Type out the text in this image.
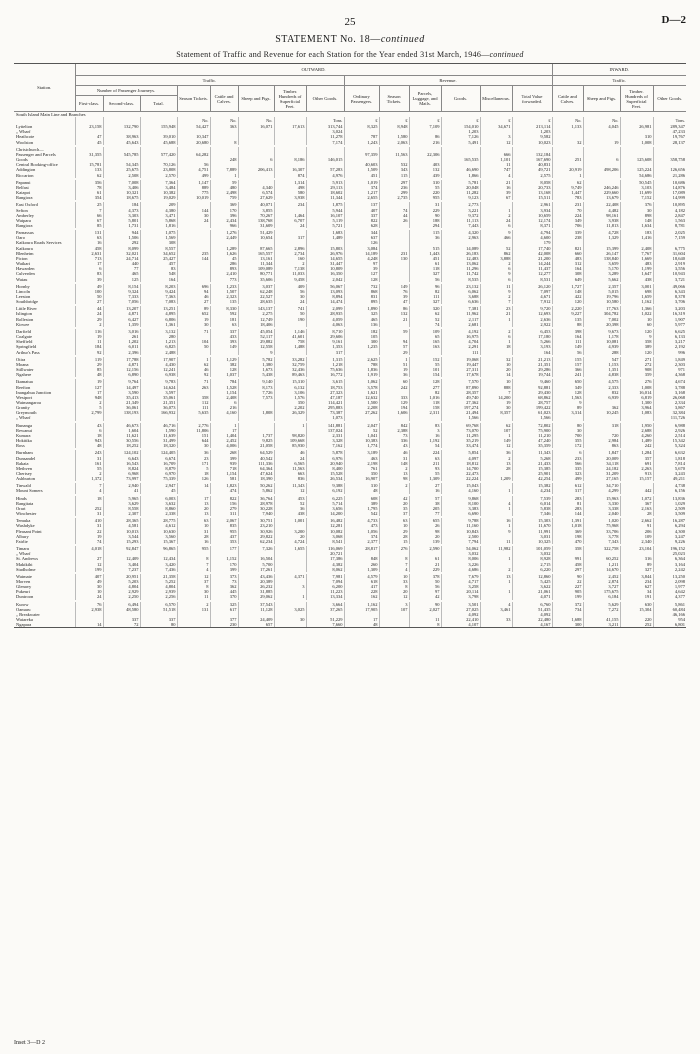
25	D—2
STATEMENT No. 18—continued
Statement of Traffic and Revenue for each Station for the Year ended 31st March, 1946—continued
Station.	OUTWARD.														INWARD.			
	Traffic.								Revenue.						Traffic.			
	Number of Passenger Journeys.			Season Tickets.	Cattle and Calves.	Sheep and Pigs.	Timber. Hundreds of Superficial Feet.	Other Goods.	Ordinary Passengers.	Season Tickets.	Parcels, Luggage, and Mails.	Goods.	Miscellaneous.	Total Value forwarded.	Cattle and Calves.	Sheep and Pigs.	Timber. Hundreds of Superficial Feet.	Other Goods.
	First-class.	Second-class.	Total.															
South Island Main Line and Branches																		
				No.	No.	No.		Tons.	£	£	£	£	£	£	No.	No.		Tons.
Lyttelton	23,158	132,790	155,948	54,427	363	16,071	17,613	313,744	8,325	8,948	7,109	154,010	34,671	213,114	1,133	4,045	26,981	289,347
„ Wharf								3,024				1,203		1,203				47,233
Heathcote	47	38,963	39,010	10,347				11,278	787	1,580	86	7,126	3	9,582			310	19,767
Woolston	45	45,643	45,688	20,680	8			7,174	1,243	2,063	216	5,491	12	10,023	32	19	1,008	28,137

Christchurch—																		
Passenger and Parcels	31,355	545,785	577,420	64,282					97,359	11,563	22,306		666	132,184				
Goods					248	6	8,186	146,015				165,535	1,101	167,690	251	6	125,608	358,758
Central Booking-office	15,781	54,345	70,126	56					40,603	532	403		11	40,831				
Addington	133	25,675	23,808	4,751	7,889	206,413	16,307	57,283	1,509	343	132	46,690	747	49,721	20,919	498,206	125,224	126,656
Riccarton	62	2,508	2,570	499	1		874	4,976	451	115	439	1,866	4	2,575	1		54,686	21,286

Papanui	356	7,008	7,364	1,147	59		1,314	5,913	1,019	297	310	5,781	21	8,058	62		50,545	10,686
Belfast	78	3,406	3,484	889	480	4,340	498	29,113	374	236	55	20,048	16	20,733	9,749	246,246	3,103	14,876
Kaiapoi	61	10,321	10,382	775	2,498	6,574	580	18,602	1,217	299	220	11,282	39	13,168	1,447	229,660	11,699	17,089
Rangiora	354	18,675	19,029	10,019	759	27,629	3,938	11,344	2,655	2,735	955	9,123	67	15,511	783	13,679	7,152	14,999

East Oxford	25	184	209		369	40,071	234	1,875	137		31	2,773		2,961	231	22,408	376	10,895
Sefton	7	4,373	4,380	144	170	3,855		5,944	407	74	229	3,221	1	3,934	70	4,482	30	4,182
Amberley	66	3,303	3,471	30	396	70,267	1,464	16,107	337	44	90	9,372	2	10,659	224	98,161	898	2,847
Waipara	67	5,801	5,868	24	2,434	138,768	6,707	5,119	822	26	188	11,113	24	12,174	349	3,938	148	1,563
Rangiora	85	1,731	1,816		966	31,609	24	5,721	628		294	7,443	6	8,371	706	11,813	1,634	8,781

Parnassus	131	944	1,075		1,276	51,429		1,683	344		115	4,320	9	4,794	339	4,728	183	2,025
Oaro	63	1,506	1,569		2,449	10,654	317	1,489	637		36	2,963	466	4,600	238	1,329	1,416	7,159
Kaikoura Roads Services	16	292	308						126					179				
Kaikoura	458	8,099	8,557		1,289	87,665	2,896	15,803	3,084		515	14,089	52	17,740	821	15,399	2,408	6,775
Blenheim	2,631	32,021	34,652	235	1,626	165,557	2,734	26,976	14,189	231	1,443	26,183	862	42,008	660	26,147	7,767	31,604
Picton	713	24,714	25,427	144	45	13,161	160	14,655	4,248	130	451	12,483	3,888	21,200	483	138,840	1,669	18,640
Waikari	17	440	457		286	11,344	2	31,447	97		61	13,062	2	14,244	312	3,659	483	2,919
Hawarden	6	77	83		893	109,089	7,138	10,809	39		118	11,296	6	11,437	164	5,170	1,199	3,556
Culverden	83	465	548		2,410	80,771	11,033	16,350	127		327	11,742	9	12,277	308	3,289	1,647	10,943
Waiau	39	125	164		773	35,606	9,458	2,042	128		56	8,535	6	8,531	649	5,662	438	3,721

Hornby	49	8,154	8,203	696	1,233	3,037	409	56,067	732	149	96	23,132	11	26,120	1,727	2,357	3,001	49,066
Lincoln	100	9,324	9,424	94	1,507	62,248	56	13,093	868	76	82	6,062	9	7,097	148	5,015	698	6,343
Leeston	50	7,333	7,363	46	2,323	22,527	30	8,894	831	39	111	3,688	2	4,671	422	19,796	1,659	8,378
Southbridge	27	7,056	7,083	27	135	28,635	24	14,474	895	47	327	6,636	7	7,912	120	10,580	1,162	3,706

Little River	44	13,207	13,251	89	8,330	143,137	741	2,099	1,890	86	320	7,381	23	9,720	2,220	17,763	1,366	3,203
Islington	24	4,871	4,895	652	592	2,275	50	28,935	325	132	62	11,962	21	12,693	9,227	304,782	1,022	16,319
Rolleston	29	6,427	6,806	19	181	12,749	190	4,059	465	21	52	2,117	1	2,636	135	7,002	10	1,907
Kirwee	2	1,359	1,361	30	63	18,406		4,063	136		74	2,681		2,922	88	20,398	60	5,977

Darfield	116	3,016	3,132	71	337	45,054	1,146	8,710	182	59	109	4,192	2	6,453	398	9,673	120	6,625
Coalgate	19	261	280		433	52,117	41,601	29,606	105		65	16,975	6	17,180	164	1,178	9	6,133
Sheffield	11	1,202	1,213	104	393	29,882	758	9,161	300	94	165	4,704	1	5,266	111	10,081	358	3,217
Springfield	184	6,011	6,825	50	149	12,558	1,488	1,353	1,235	57	163	2,291	18	3,193	149	4,939	389	2,192
Arthur's Pass	92	2,396	2,488			9		317		29		111		164	56	288	120	996

Otira	119	17,788	17,907	1	1,129	5,782	33,282	1,315	2,625	1	152	19,068	32	21,213	155	547	271	1,849
Moana	29	4,871	4,430	62	382	1,380	32,759	1,218	788	51	55	19,447	10	21,351	157	1,153	272	2,303
Stillwater	85	12,156	12,241	46	128	1,673	32,436	75,636	1,836	19	101	27,311	20	29,286	366	1,351	908	971
Ngahere	48	6,890	6,938	92	1,037	5,438	89,463	16,772	1,919	36	154	17,678	14	19,744	241	4,838	359	4,368

Ikamatua	19	9,764	9,783	71	784	9,140	15,310	3,615	1,062	60	128	7,570	10	9,460	650	4,575	276	4,674
Reefton	127	14,497	14,624	263	1,528	8,173	6,132	18,753	3,578	242	277	87,890	888	92,881	349	2,333	1,008	3,788
Inangahua Junction	17	3,590	3,597		1,154	7,726	3,106	27,323	1,621		82	28,357	7	29,430	128	832	16,014	3,168
Westport	948	35,413	35,061	358	2,408	7,573	1,576	47,187	12,632	333	1,016	49,740	14,200	68,862	1,563	6,939	6,819	26,068
Waimangaroa	2	21,349	21,351	112	6		350	114,421	1,500	129	118	27,362	19	28,757	9		1,300	2,334
Granity	5	36,061	36,073	111	216		2,202	295,883	2,208	194	158	197,274	30	199,422	89	362	3,964	3,867
Greymouth	2,799	138,193	166,932	5,635	4,160	1,808	26,329	73,387	27,262	1,606	2,311	21,494	8,357	61,023	3,314	10,245	1,083	32,384
„ Wharf								1,073				1,566		1,566				111,726

Runanga	43	46,673	46,716	2,776	1		1	141,881	2,047	842	83	69,768	62	72,802	80	318	1,950	6,988
Rewanui	6	1,604	1,590	11,806	17			137,024	52	2,388	3	73,070	107	75,900	30		2,688	2,926
Kumara	18	11,621	11,639	151	1,404	1,737	98,820	2,331	1,041	73	16	11,295	1	11,210	700	720	4,260	2,514
Hokitika	943	30,556	31,499	644	2,452	9,825	109,668	3,328	10,383	336	1,192	35,219	149	47,240	355	2,984	1,489	15,342
Ross	48	18,252	18,320	30	4,006	21,058	85,930	7,162	1,774	43	54	33,474	12	35,359	172	863	242	5,324

Burnham	243	124,102	124,405	36	268	64,529	46	5,878	3,189	46	224	5,854	36	11,343	6	1,847	1,284	6,632
Dunsandel	31	6,643	6,674	23	399	40,542	24	6,976	463	31	63	4,097	2	5,268	233	20,009	357	1,818
Rakaia	161	16,543	16,709	171	939	111,336	6,565	20,940	2,198	148	211	18,812	13	21,433	566	34,118	691	7,814
Methven	55	8,824	8,879	5	718	64,364	11,563	8,400	761	2	93	14,700	28	15,385	335	24,182	2,263	5,670
Chertsey	2	6,968	6,970	18	1,154	47,624	663	15,528	350	13	55	22,473		25,901	323	31,209	913	3,243
Ashburton	1,372	73,997	75,339	126	581	18,390	836	26,534	16,907	98	1,309	22,224	1,209	42,254	499	27,165	15,157	49,211

Tinwald	7	2,940	2,947	14	1,823	50,262	11,343	9,388	310	2	27	15,043		15,382	612	34,710		4,738
Mount Somers	4	41	45		474	5,862	12	6,192	48		16	4,160	1	4,234	317	4,299	442	6,156

Hinds	18	5,965	6,003	17	822	36,764	453	6,225	608	42	57	9,868		7,539	283	15,963	1,072	13,836
Rangitata		3,629	3,632	13	156	28,978	52	5,714	389	20	38	8,100	4	6,014	81	3,330	367	1,029
Orari	252	8,558	8,860	20	279	30,228	36	3,656	1,795	35	205	3,383	1	5,838	283	3,338	2,163	2,509
Winchester	31	2,307	2,338	13	311	7,940	438	14,200	542	37	77	6,690		7,346	144	2,040	28	3,509

Temuka	410	28,365	28,775	63	2,067	30,751	1,001	16,482	4,733	63	655	9,788	16	15,303	1,391	1,020	2,662	16,287
Washdyke	31	4,581	4,612	10	835	23,210		12,281	473	10	26	11,160	1	11,670	1,018	75,968	91	6,294
Pleasant Point	22	10,013	10,630	31	955	30,926	3,200	10,082	1,056	29	98	10,843	9	11,991	369	33,706	206	4,300
Albury	19	3,544	3,560	28	437	29,822	20	3,068	374	28	20	2,500		3,031	198	3,778	109	3,247
Fairlie	74	15,293	15,367	16	353	62,234	4,724	8,541	2,377	15	139	7,794	11	10,325	470	7,343	2,340	9,226

Timaru	4,018	92,847	96,865	955	177	7,326	1,655	116,069	28,817	276	2,590	54,062	11,982	101,059	358	322,758	23,104	196,152
„ Wharf								20,721				3,032		3,032				25,023
St. Andrews	27	12,409	12,434	8	1,152	16,504		17,386	848	8	61	8,006	1	8,928	991	60,252	316	6,364
Makikihi	12	3,404	3,420	7	170	5,700		4,382	260	7	21	3,226		2,715	458	1,211	89	3,164
Studholme	199	7,237	7,436	4	399	17,261		8,062	1,309	4	229	4,686	2	6,220	297	14,670	327	2,242

Waimate	407	20,951	21,358	12	373	43,436	4,371	7,981	4,579	10	378	7,679	13	12,860	90	2,452	3,844	13,250
Morven	49	5,203	5,252	37	73	20,389		7,094	618	33	50	4,717	1	5,425	22	2,874	234	2,098
Glenavy	30	4,804	4,804	8	362	26,232	3	6,200	417	8	56	3,258		3,622	227	3,727	627	1,977
Pukeuri	10	2,929	2,939	30	445	31,885		11,223	228	20	97	20,114	1	21,061	905	175,675	34	4,642
Duntroon	24	2,250	2,256	11	370	29,062	1	13,334	162	12	42	3,798		4,071	199	6,184	191	4,377

Kurow	76	6,494	6,570	2	325	37,543		3,664	1,162	3	90	3,501	4	6,760	372	5,629	630	5,861
Oamaru	2,938	48,580	51,518	131	617	11,128	3,025	37,265	17,905	107	2,027	27,025	3,461	51,435	734	7,272	15,304	60,484
„ Breakwater												4,092		4,092				46,166
Waiareka		337	337		377	24,409	30	51,229	17		11	22,410	33	22,480	1,688	41,155	220	954
Ngapara	14	72	80		230	657		7,660	48		8	4,107		4,167	300	3,211	252	6,801
Inset 3—D 2
